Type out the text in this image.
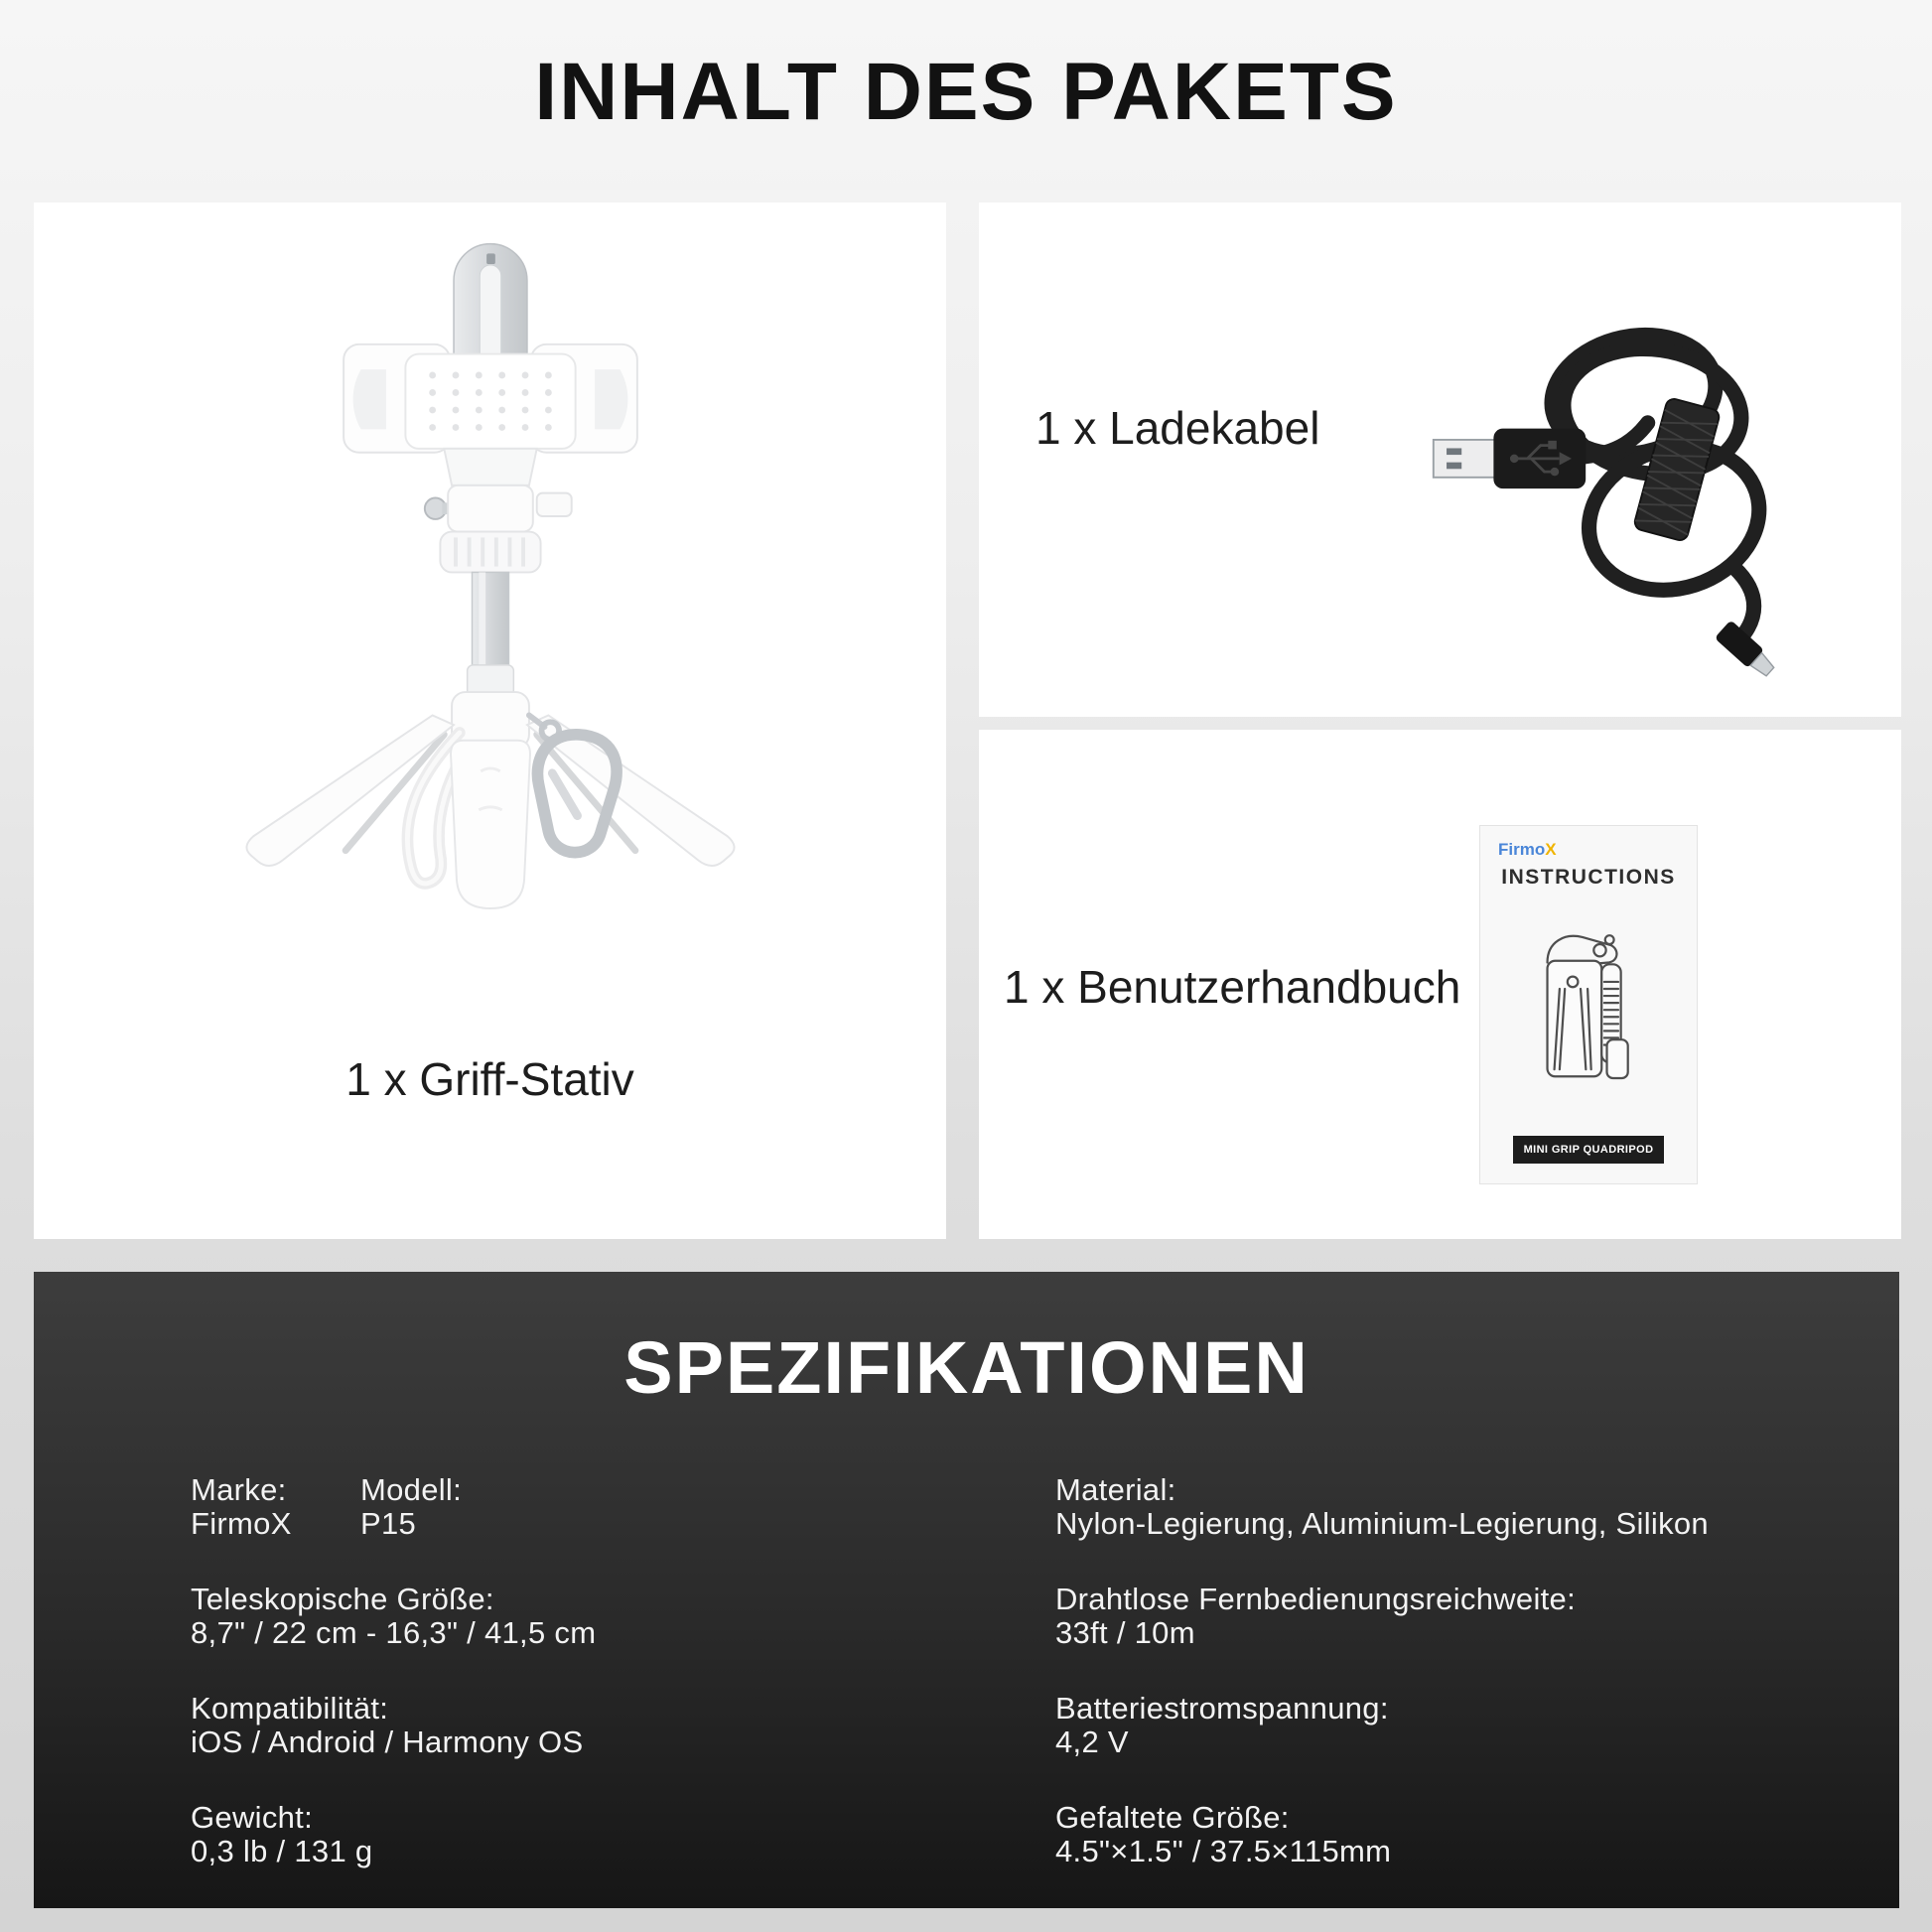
INHALT DES PAKETS
1 x Griff-Stativ
1 x Ladekabel
1 x Benutzerhandbuch
FirmoX
INSTRUCTIONS
MINI GRIP QUADRIPOD
SPEZIFIKATIONEN
Marke:
FirmoX
Modell:
P15
Teleskopische Größe:
8,7" / 22 cm - 16,3" / 41,5 cm
Kompatibilität:
iOS / Android / Harmony OS
Gewicht:
0,3 lb / 131 g
Material:
Nylon-Legierung, Aluminium-Legierung, Silikon
Drahtlose Fernbedienungsreichweite:
33ft / 10m
Batteriestromspannung:
4,2 V
Gefaltete Größe:
4.5"×1.5" / 37.5×115mm
